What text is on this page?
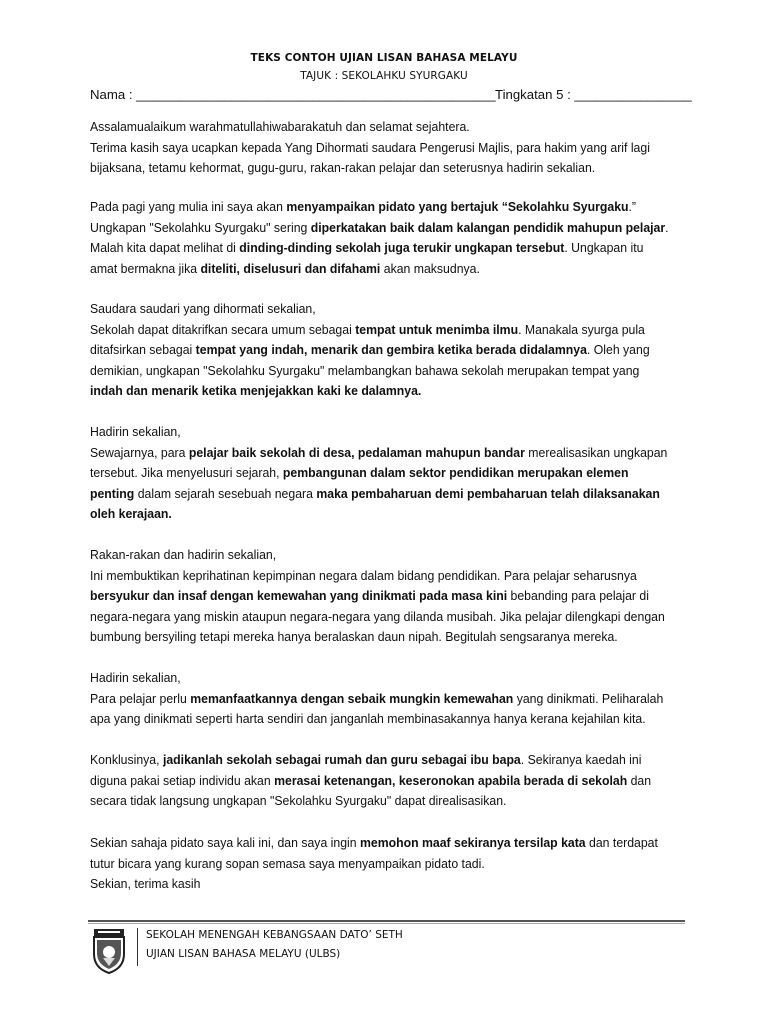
TEKS CONTOH UJIAN LISAN BAHASA MELAYU
TAJUK : SEKOLAHKU SYURGAKU
Nama : _________________________________________________ Tingkatan 5 : ________________

Assalamualaikum warahmatullahiwabarakatuh dan selamat sejahtera.

Terima kasih saya ucapkan kepada Yang Dihormati saudara Pengerusi Majlis, para hakim yang arif lagi

bijaksana, tetamu kehormat, gugu-guru, rakan-rakan pelajar dan seterusnya hadirin sekalian.

Pada pagi yang mulia ini saya akan menyampaikan pidato yang bertajuk “Sekolahku Syurgaku.”

Ungkapan "Sekolahku Syurgaku" sering diperkatakan baik dalam kalangan pendidik mahupun pelajar.

Malah kita dapat melihat di dinding-dinding sekolah juga terukir ungkapan tersebut. Ungkapan itu

amat bermakna jika diteliti, diselusuri dan difahami akan maksudnya.

Saudara saudari yang dihormati sekalian,

Sekolah dapat ditakrifkan secara umum sebagai tempat untuk menimba ilmu. Manakala syurga pula

ditafsirkan sebagai tempat yang indah, menarik dan gembira ketika berada didalamnya. Oleh yang

demikian, ungkapan "Sekolahku Syurgaku" melambangkan bahawa sekolah merupakan tempat yang

indah dan menarik ketika menjejakkan kaki ke dalamnya.

Hadirin sekalian,

Sewajarnya, para pelajar baik sekolah di desa, pedalaman mahupun bandar merealisasikan ungkapan

tersebut. Jika menyelusuri sejarah, pembangunan dalam sektor pendidikan merupakan elemen

penting dalam sejarah sesebuah negara maka pembaharuan demi pembaharuan telah dilaksanakan

oleh kerajaan.

Rakan-rakan dan hadirin sekalian,

Ini membuktikan keprihatinan kepimpinan negara dalam bidang pendidikan. Para pelajar seharusnya

bersyukur dan insaf dengan kemewahan yang dinikmati pada masa kini bebanding para pelajar di

negara-negara yang miskin ataupun negara-negara yang dilanda musibah. Jika pelajar dilengkapi dengan

bumbung bersyiling tetapi mereka hanya beralaskan daun nipah. Begitulah sengsaranya mereka.

Hadirin sekalian,

Para pelajar perlu memanfaatkannya dengan sebaik mungkin kemewahan yang dinikmati. Peliharalah

apa yang dinikmati seperti harta sendiri dan janganlah membinasakannya hanya kerana kejahilan kita.

Konklusinya, jadikanlah sekolah sebagai rumah dan guru sebagai ibu bapa. Sekiranya kaedah ini

diguna pakai setiap individu akan merasai ketenangan, keseronokan apabila berada di sekolah dan

secara tidak langsung ungkapan "Sekolahku Syurgaku" dapat direalisasikan.

Sekian sahaja pidato saya kali ini, dan saya ingin memohon maaf sekiranya tersilap kata dan terdapat

tutur bicara yang kurang sopan semasa saya menyampaikan pidato tadi.

Sekian, terima kasih

SEKOLAH MENENGAH KEBANGSAAN DATO’ SETH
UJIAN LISAN BAHASA MELAYU (ULBS)
